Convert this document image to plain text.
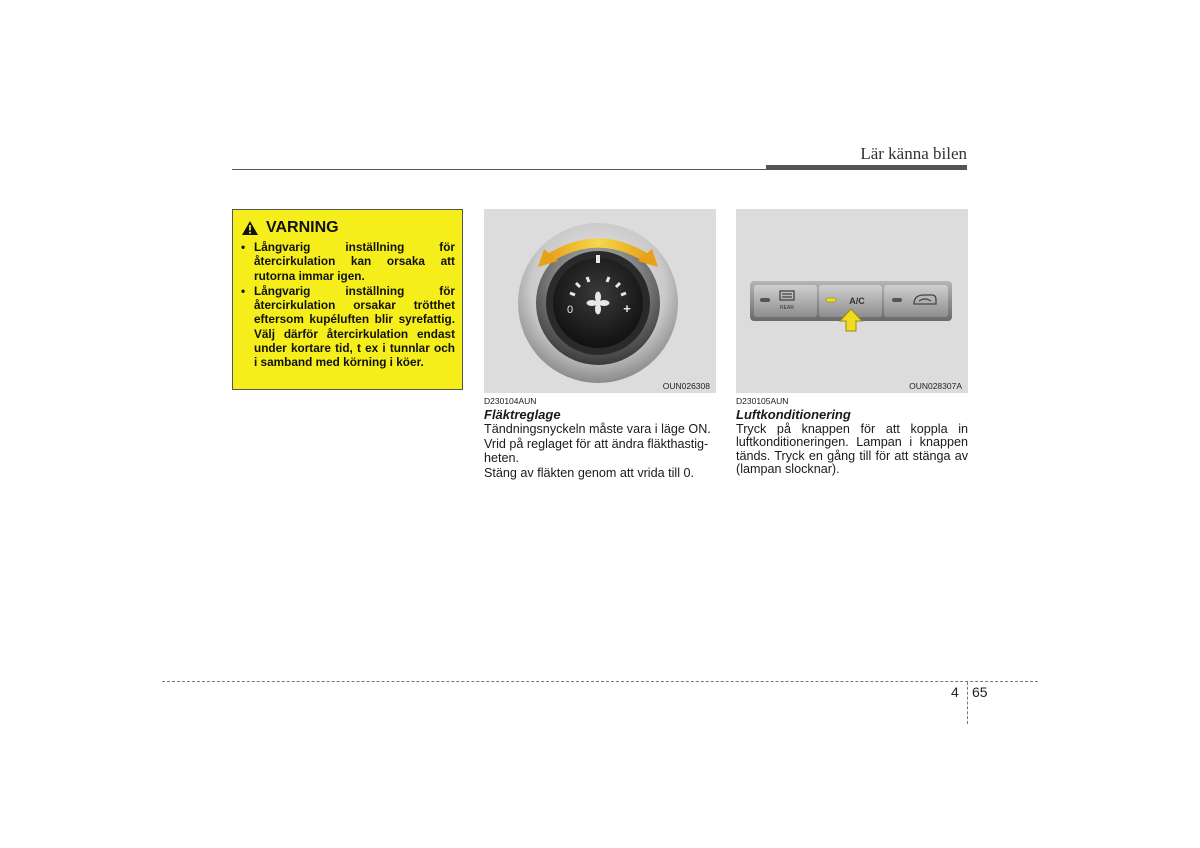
Lär känna bilen
VARNING
• Långvarig inställning för återcirkulation kan orsaka att rutorna immar igen.
• Långvarig inställning för återcirkulation orsakar trötthet eftersom kupéluften blir syrefattig. Välj därför återcirkulation endast under kortare tid, t ex i tunnlar och i samband med körning i köer.
0	+
OUN026308
REAR
A/C
OUN028307A
D230104AUN
Fläktreglage

Tändningsnyckeln måste vara i läge ON.

Vrid på reglaget för att ändra fläkthastig-heten.

Stäng av fläkten genom att vrida till 0.

D230105AUN
Luftkonditionering

Tryck på knappen för att koppla in luftkonditioneringen. Lampan i knappen tänds. Tryck en gång till för att stänga av (lampan slocknar).

4 65
